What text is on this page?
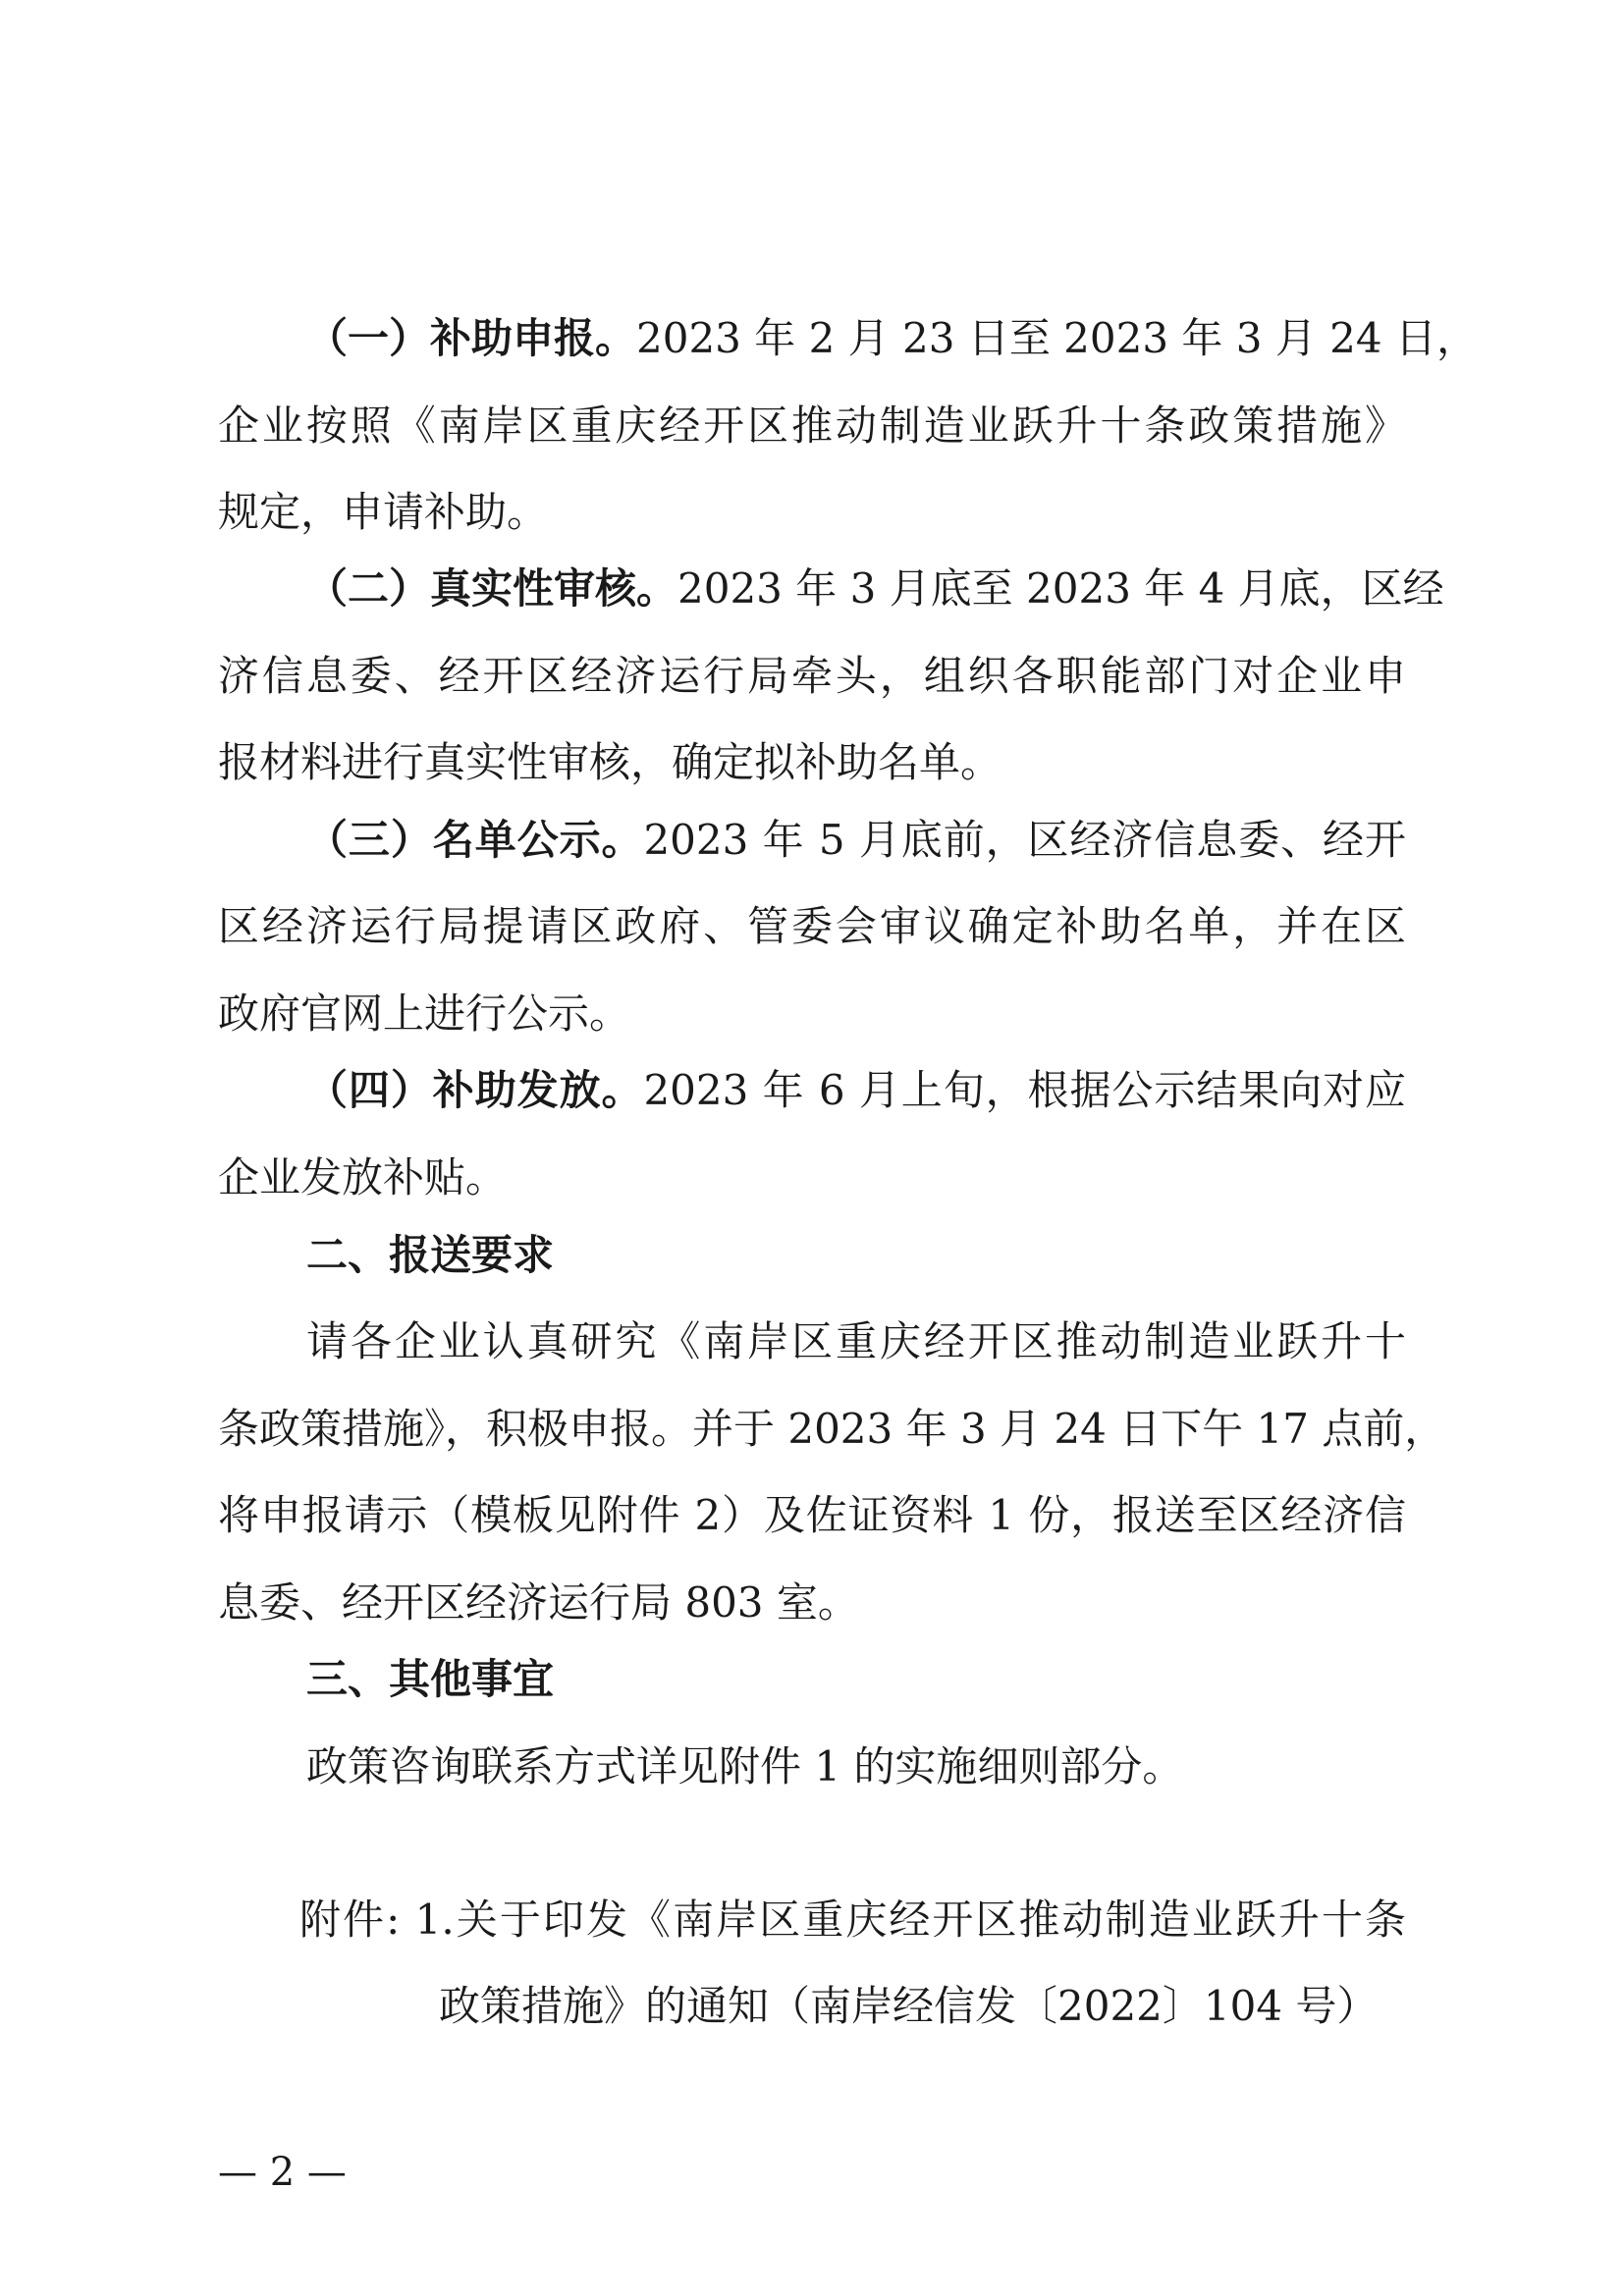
（一）补助申报。2023 年 2 月 23 日至 2023 年 3 月 24 日，
企业按照《南岸区重庆经开区推动制造业跃升十条政策措施》
规定，申请补助。
（二）真实性审核。2023 年 3 月底至 2023 年 4 月底，区经
济信息委、经开区经济运行局牵头，组织各职能部门对企业申
报材料进行真实性审核，确定拟补助名单。
（三）名单公示。2023 年 5 月底前，区经济信息委、经开
区经济运行局提请区政府、管委会审议确定补助名单，并在区
政府官网上进行公示。
（四）补助发放。2023 年 6 月上旬，根据公示结果向对应
企业发放补贴。
二、报送要求
请各企业认真研究《南岸区重庆经开区推动制造业跃升十
条政策措施》，积极申报。并于 2023 年 3 月 24 日下午 17 点前，
将申报请示（模板见附件 2）及佐证资料 1 份，报送至区经济信
息委、经开区经济运行局 803 室。
三、其他事宜
政策咨询联系方式详见附件 1 的实施细则部分。
附件: 1.关于印发《南岸区重庆经开区推动制造业跃升十条
政策措施》的通知（南岸经信发〔2022〕104 号）
— 2 —
